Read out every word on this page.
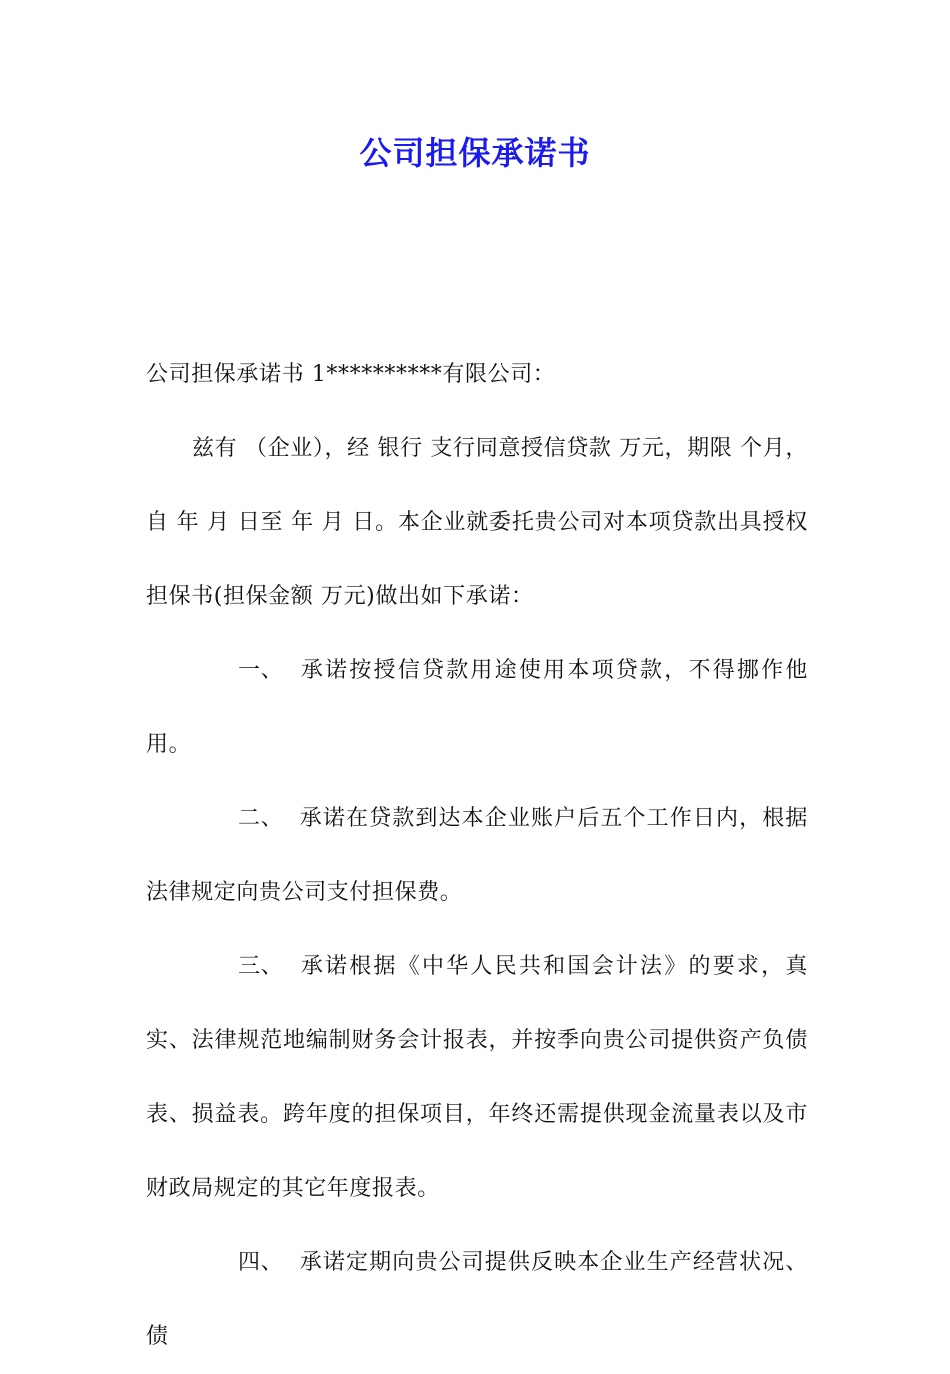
公司担保承诺书

公司担保承诺书 1**********有限公司：

兹有 （企业），经 银行 支行同意授信贷款 万元，期限 个月，自 年 月 日至 年 月 日。本企业就委托贵公司对本项贷款出具授权担保书(担保金额 万元)做出如下承诺：

一、 承诺按授信贷款用途使用本项贷款，不得挪作他用。

二、 承诺在贷款到达本企业账户后五个工作日内，根据法律规定向贵公司支付担保费。

三、 承诺根据《中华人民共和国会计法》的要求，真实、法律规范地编制财务会计报表，并按季向贵公司提供资产负债表、损益表。跨年度的担保项目，年终还需提供现金流量表以及市财政局规定的其它年度报表。

四、 承诺定期向贵公司提供反映本企业生产经营状况、债
